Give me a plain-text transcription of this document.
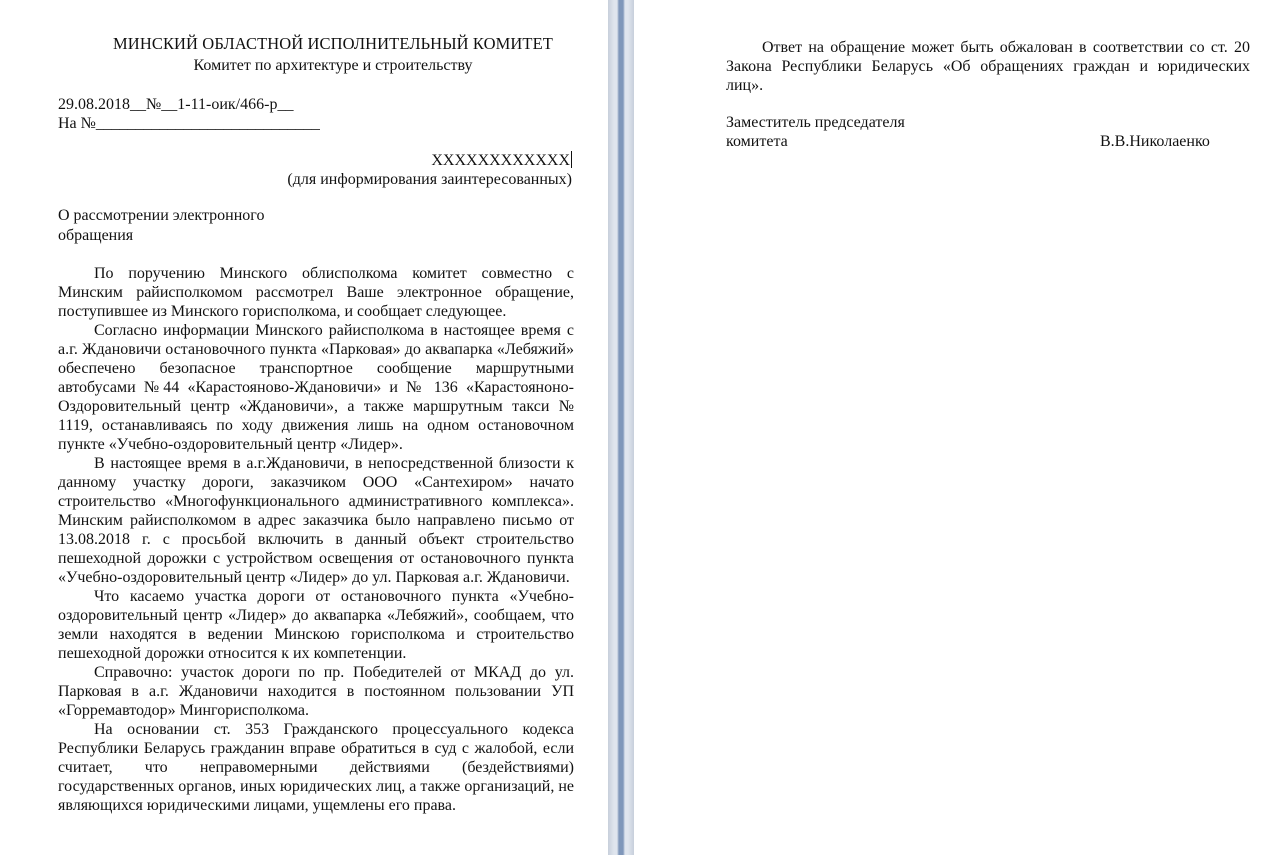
МИНСКИЙ ОБЛАСТНОЙ ИСПОЛНИТЕЛЬНЫЙ КОМИТЕТ
Комитет по архитектуре и строительству
29.08.2018__№__1-11-оик/466-р__
На №____________________________
XXXXXXXXXXXX
(для информирования заинтересованных)
О рассмотрении электронного
обращения

По поручению Минского облисполкома комитет совместно с Минским райисполкомом рассмотрел Ваше электронное обращение, поступившее из Минского горисполкома, и сообщает следующее.

Согласно информации Минского райисполкома в настоящее время с а.г. Ждановичи остановочного пункта «Парковая» до аквапарка «Лебяжий» обеспечено безопасное транспортное сообщение маршрутными автобусами №44 «Карастояново-Ждановичи» и № 136 «Карастояноно-Оздоровительный центр «Ждановичи», а также маршрутным такси № 1119, останавливаясь по ходу движения лишь на одном остановочном пункте «Учебно-оздоровительный центр «Лидер».

В настоящее время в а.г.Ждановичи, в непосредственной близости к данному участку дороги, заказчиком ООО «Сантехиром» начато строительство «Многофункционального административного комплекса». Минским райисполкомом в адрес заказчика было направлено письмо от 13.08.2018 г. с просьбой включить в данный объект строительство пешеходной дорожки с устройством освещения от остановочного пункта «Учебно-оздоровительный центр «Лидер» до ул. Парковая а.г. Ждановичи.

Что касаемо участка дороги от остановочного пункта «Учебно-оздоровительный центр «Лидер» до аквапарка «Лебяжий», сообщаем, что земли находятся в ведении Минскою горисполкома и строительство пешеходной дорожки относится к их компетенции.

Справочно: участок дороги по пр. Победителей от МКАД до ул. Парковая в а.г. Ждановичи находится в постоянном пользовании УП «Горремавтодор» Мингорисполкома.

На основании ст. 353 Гражданского процессуального кодекса Республики Беларусь гражданин вправе обратиться в суд с жалобой, если считает, что неправомерными действиями (бездействиями) государственных органов, иных юридических лиц, а также организаций, не являющихся юридическими лицами, ущемлены его права.

Ответ на обращение может быть обжалован в соответствии со ст. 20 Закона Республики Беларусь «Об обращениях граждан и юридических лиц».

Заместитель председателя
комитета	В.В.Николаенко
